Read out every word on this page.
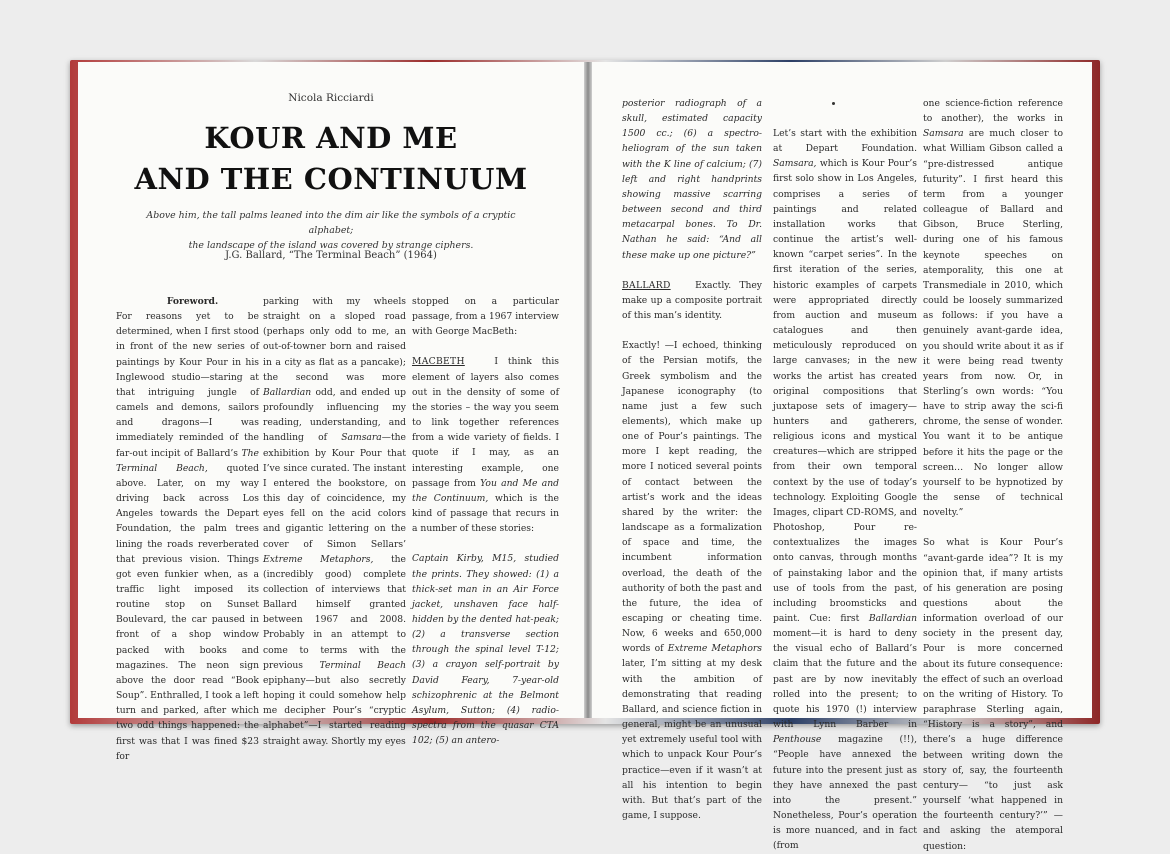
Nicola Ricciardi
KOUR AND ME
AND THE CONTINUUM
Above him, the tall palms leaned into the dim air like the symbols of a cryptic alphabet;
the landscape of the island was covered by strange ciphers.
J.G. Ballard, “The Terminal Beach” (1964)

Foreword.

For reasons yet to be determined, when I first stood in front of the new series of paintings by Kour Pour in his Inglewood studio—staring at that intriguing jungle of camels and demons, sailors and dragons—I was immediately reminded of the far-out incipit of Ballard’s The Terminal Beach, quoted above. Later, on my way driving back across Los Angeles towards the Depart Foundation, the palm trees lining the roads reverberated that previous vision. Things got even funkier when, as a traffic light imposed its routine stop on Sunset Boulevard, the car paused in front of a shop window packed with books and magazines. The neon sign above the door read “Book Soup”. Enthralled, I took a left turn and parked, after which two odd things happened: the first was that I was fined $23 for

parking with my wheels straight on a sloped road (perhaps only odd to me, an out-of-towner born and raised in a city as flat as a pancake); the second was more Ballardian odd, and ended up profoundly influencing my reading, understanding, and handling of Samsara—the exhibition by Kour Pour that I’ve since curated. The instant I entered the bookstore, on this day of coincidence, my eyes fell on the acid colors and gigantic lettering on the cover of Simon Sellars’ Extreme Metaphors, the (incredibly good) complete collection of interviews that Ballard himself granted between 1967 and 2008. Probably in an attempt to come to terms with the previous Terminal Beach epiphany—but also secretly hoping it could somehow help me decipher Pour’s “cryptic alphabet”—I started reading straight away. Shortly my eyes

stopped on a particular passage, from a 1967 interview with George MacBeth:

MACBETH	I think this element of layers also comes out in the density of some of the stories – the way you seem to link together references from a wide variety of fields. I quote if I may, as an interesting example, one passage from You and Me and the Continuum, which is the kind of passage that recurs in a number of these stories:

Captain Kirby, M15, studied the prints. They showed: (1) a thick-set man in an Air Force jacket, unshaven face half-hidden by the dented hat-peak; (2) a transverse section through the spinal level T-12; (3) a crayon self-portrait by David Feary, 7-year-old schizophrenic at the Belmont Asylum, Sutton; (4) radio-spectra from the quasar CTA 102; (5) an antero-

posterior radiograph of a skull, estimated capacity 1500 cc.; (6) a spectro-heliogram of the sun taken with the K line of calcium; (7) left and right handprints showing massive scarring between second and third metacarpal bones. To Dr. Nathan he said: “And all these make up one picture?”

BALLARD	Exactly. They make up a composite portrait of this man’s identity.

Exactly! —I echoed, thinking of the Persian motifs, the Greek symbolism and the Japanese iconography (to name just a few such elements), which make up one of Pour’s paintings. The more I kept reading, the more I noticed several points of contact between the artist’s work and the ideas shared by the writer: the landscape as a formalization of space and time, the incumbent information overload, the death of the authority of both the past and the future, the idea of escaping or cheating time. Now, 6 weeks and 650,000 words of Extreme Metaphors later, I’m sitting at my desk with the ambition of demonstrating that reading Ballard, and science fiction in general, might be an unusual yet extremely useful tool with which to unpack Kour Pour’s practice—even if it wasn’t at all his intention to begin with. But that’s part of the game, I suppose.

Let’s start with the exhibition at Depart Foundation. Samsara, which is Kour Pour’s first solo show in Los Angeles, comprises a series of paintings and related installation works that continue the artist’s well-known “carpet series”. In the first iteration of the series, historic examples of carpets were appropriated directly from auction and museum catalogues and then meticulously reproduced on large canvases; in the new works the artist has created original compositions that juxtapose sets of imagery—hunters and gatherers, religious icons and mystical creatures—which are stripped from their own temporal context by the use of today’s technology. Exploiting Google Images, clipart CD-ROMS, and Photoshop, Pour re-contextualizes the images onto canvas, through months of painstaking labor and the use of tools from the past, including broomsticks and paint. Cue: first Ballardian moment—it is hard to deny the visual echo of Ballard’s claim that the future and the past are by now inevitably rolled into the present; to quote his 1970 (!) interview with Lynn Barber in Penthouse magazine (!!), “People have annexed the future into the present just as they have annexed the past into the present.” Nonetheless, Pour’s operation is more nuanced, and in fact (from

one science-fiction reference to another), the works in Samsara are much closer to what William Gibson called a “pre-distressed antique futurity”. I first heard this term from a younger colleague of Ballard and Gibson, Bruce Sterling, during one of his famous keynote speeches on atemporality, this one at Transmediale in 2010, which could be loosely summarized as follows: if you have a genuinely avant-garde idea, you should write about it as if it were being read twenty years from now. Or, in Sterling’s own words: “You have to strip away the sci-fi chrome, the sense of wonder. You want it to be antique before it hits the page or the screen… No longer allow yourself to be hypnotized by the sense of technical novelty.”

So what is Kour Pour’s “avant-garde idea”? It is my opinion that, if many artists of his generation are posing questions about the information overload of our society in the present day, Pour is more concerned about its future consequence: the effect of such an overload on the writing of History. To paraphrase Sterling again, “History is a story”, and there’s a huge difference between writing down the story of, say, the fourteenth century— “to just ask yourself ‘what happened in the fourteenth century?’” — and asking the atemporal question:
